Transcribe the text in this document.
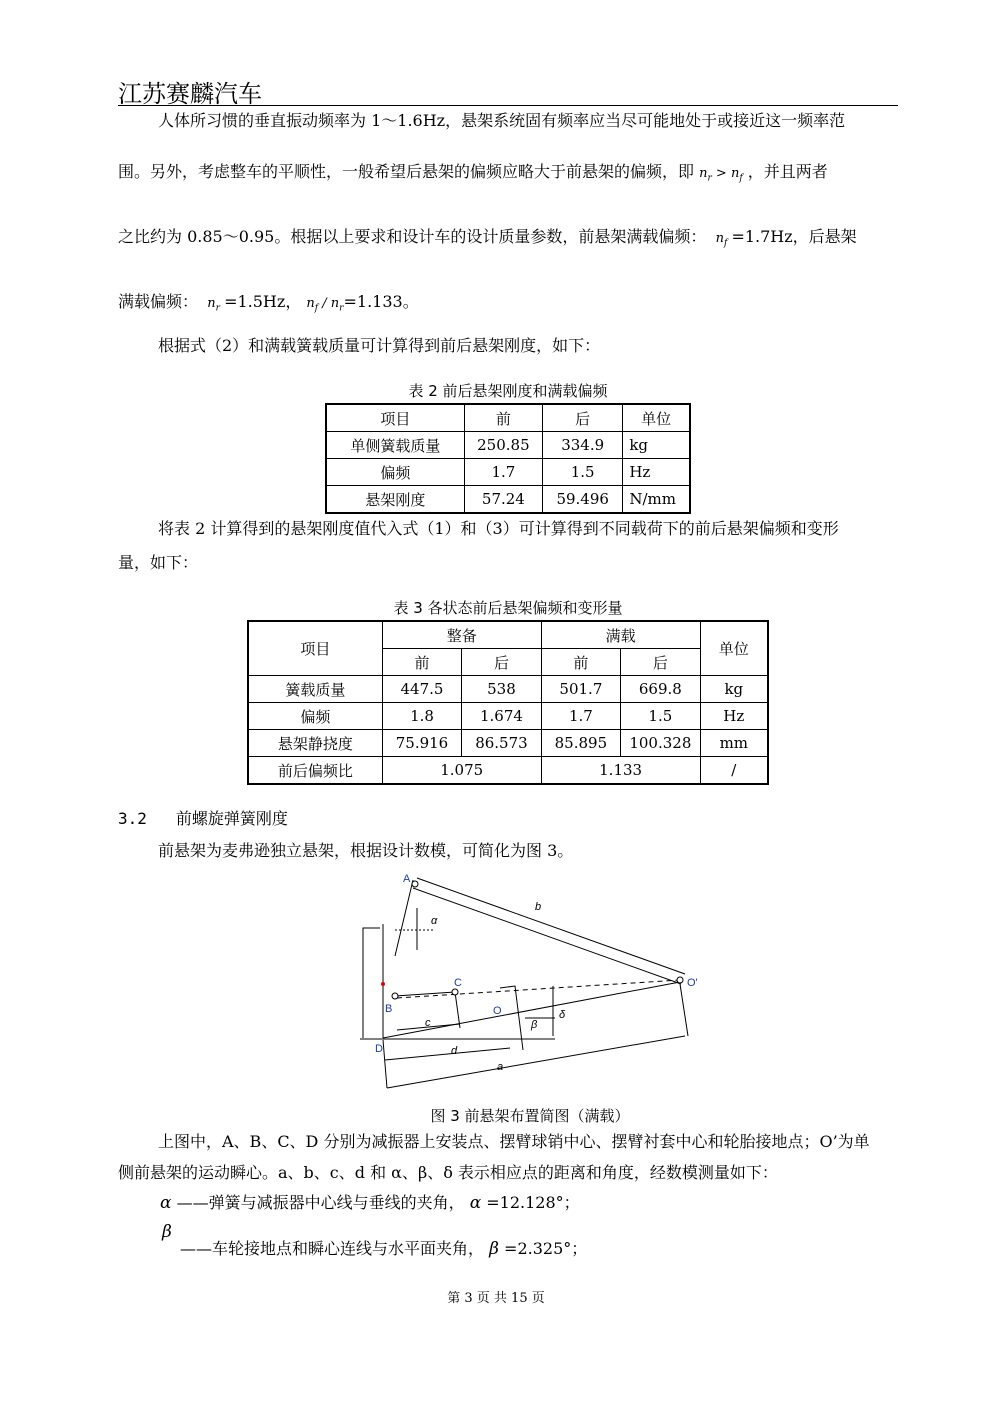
江苏赛麟汽车
人体所习惯的垂直振动频率为 1～1.6Hz，悬架系统固有频率应当尽可能地处于或接近这一频率范
围。另外，考虑整车的平顺性，一般希望后悬架的偏频应略大于前悬架的偏频，即 $n_r > n_f$ ，并且两者
之比约为 0.85～0.95。根据以上要求和设计车的设计质量参数，前悬架满载偏频：  $n_f =1.7Hz$，后悬架
满载偏频：  $n_r =1.5Hz$， $n_f / n_r=1.133$。
根据式（2）和满载簧载质量可计算得到前后悬架刚度，如下：
表 2 前后悬架刚度和满载偏频
项目	前	后	单位
单侧簧载质量	250.85	334.9	kg
偏频	1.7	1.5	Hz
悬架刚度	57.24	59.496	N/mm
将表 2 计算得到的悬架刚度值代入式（1）和（3）可计算得到不同载荷下的前后悬架偏频和变形
量，如下：
表 3 各状态前后悬架偏频和变形量
项目	整备		满载		单位
	前	后	前	后	
簧载质量	447.5	538	501.7	669.8	kg
偏频	1.8	1.674	1.7	1.5	Hz
悬架静挠度	75.916	86.573	85.895	100.328	mm
前后偏频比	1.075		1.133		/
3.2 前螺旋弹簧刚度
前悬架为麦弗逊独立悬架，根据设计数模，可简化为图 3。
A
B
C
D
O
O'
b
c
d
a
α
β
δ
图 3 前悬架布置简图（满载）
上图中，A、B、C、D 分别为减振器上安装点、摆臂球销中心、摆臂衬套中心和轮胎接地点；O’为单
侧前悬架的运动瞬心。a、b、c、d 和 α、β、δ 表示相应点的距离和角度，经数模测量如下：
α ——弹簧与减振器中心线与垂线的夹角， α =12.128°；
β
——车轮接地点和瞬心连线与水平面夹角， β =2.325°；
第 3 页 共 15 页
